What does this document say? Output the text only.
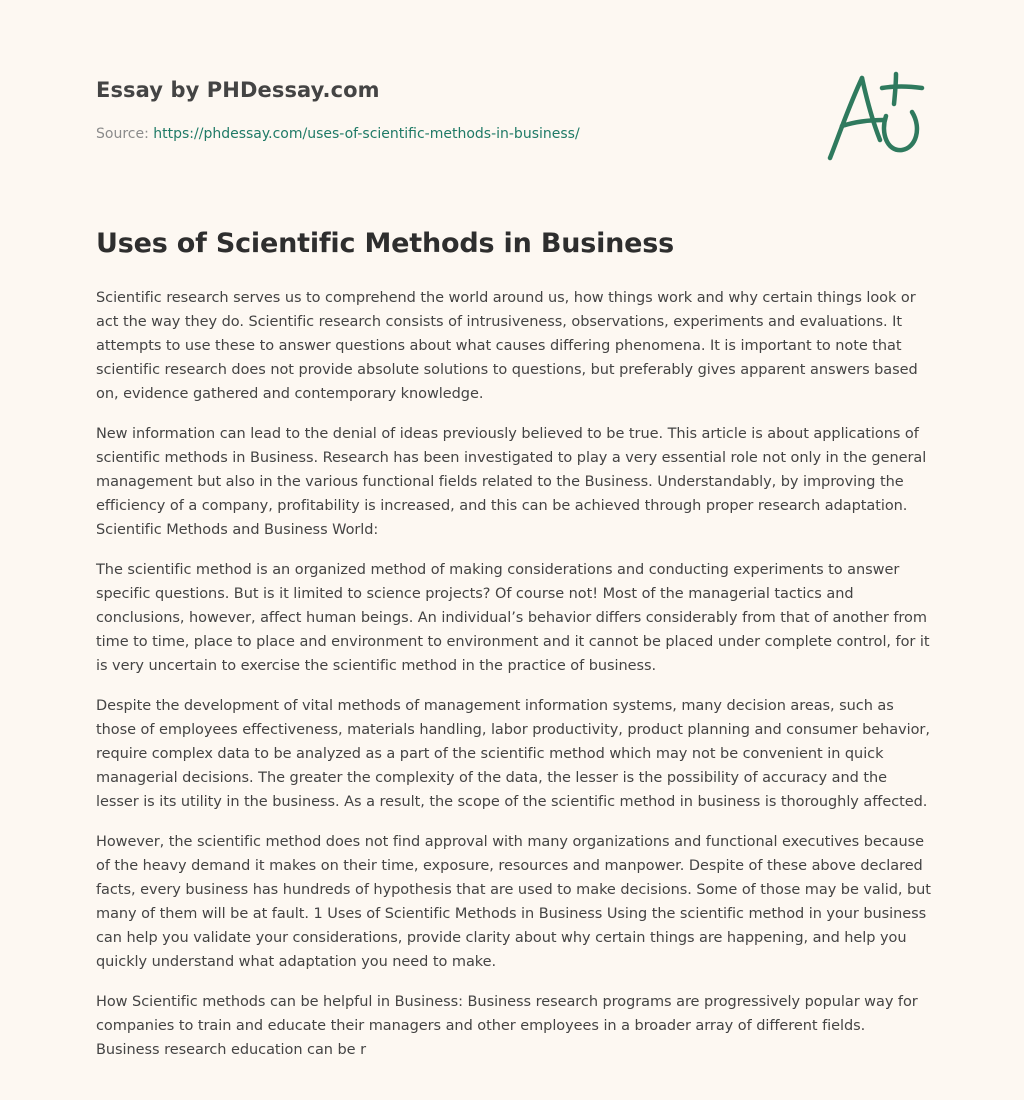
Essay by PHDessay.com
Source: https://phdessay.com/uses-of-scientific-methods-in-business/
Uses of Scientific Methods in Business

Scientific research serves us to comprehend the world around us, how things work and why certain things look or act the way they do. Scientific research consists of intrusiveness, observations, experiments and evaluations. It attempts to use these to answer questions about what causes differing phenomena. It is important to note that scientific research does not provide absolute solutions to questions, but preferably gives apparent answers based on, evidence gathered and contemporary knowledge.

New information can lead to the denial of ideas previously believed to be true. This article is about applications of scientific methods in Business. Research has been investigated to play a very essential role not only in the general management but also in the various functional fields related to the Business. Understandably, by improving the efficiency of a company, profitability is increased, and this can be achieved through proper research adaptation. Scientific Methods and Business World:

The scientific method is an organized method of making considerations and conducting experiments to answer specific questions. But is it limited to science projects? Of course not! Most of the managerial tactics and conclusions, however, affect human beings. An individual’s behavior differs considerably from that of another from time to time, place to place and environment to environment and it cannot be placed under complete control, for it is very uncertain to exercise the scientific method in the practice of business.

Despite the development of vital methods of management information systems, many decision areas, such as those of employees effectiveness, materials handling, labor productivity, product planning and consumer behavior, require complex data to be analyzed as a part of the scientific method which may not be convenient in quick managerial decisions. The greater the complexity of the data, the lesser is the possibility of accuracy and the lesser is its utility in the business. As a result, the scope of the scientific method in business is thoroughly affected.

However, the scientific method does not find approval with many organizations and functional executives because of the heavy demand it makes on their time, exposure, resources and manpower. Despite of these above declared facts, every business has hundreds of hypothesis that are used to make decisions. Some of those may be valid, but many of them will be at fault. 1 Uses of Scientific Methods in Business Using the scientific method in your business can help you validate your considerations, provide clarity about why certain things are happening, and help you quickly understand what adaptation you need to make.

How Scientific methods can be helpful in Business: Business research programs are progressively popular way for companies to train and educate their managers and other employees in a broader array of different fields. Business research education can be r
